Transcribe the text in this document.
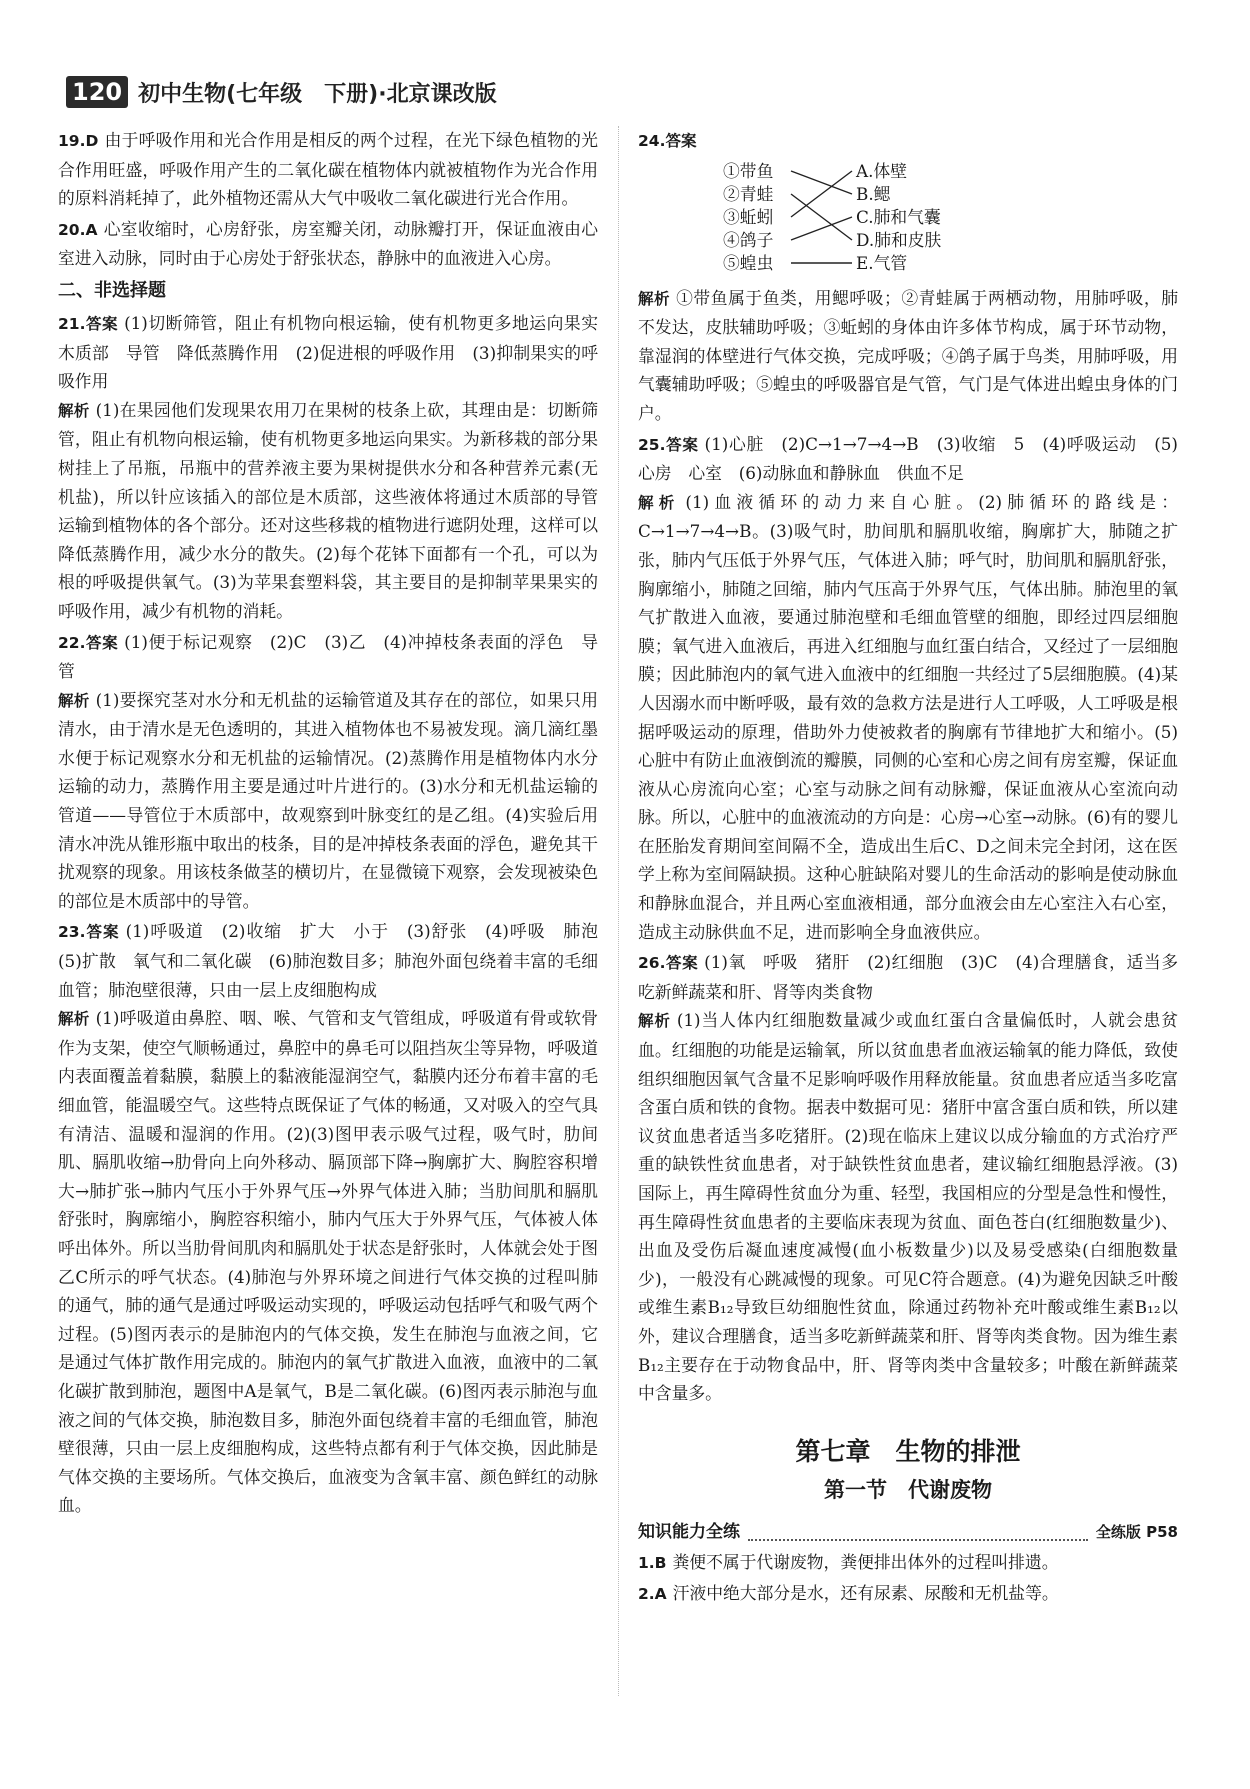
120 初中生物(七年级　下册)·北京课改版
19.D 由于呼吸作用和光合作用是相反的两个过程，在光下绿色植物的光合作用旺盛，呼吸作用产生的二氧化碳在植物体内就被植物作为光合作用的原料消耗掉了，此外植物还需从大气中吸收二氧化碳进行光合作用。
20.A 心室收缩时，心房舒张，房室瓣关闭，动脉瓣打开，保证血液由心室进入动脉，同时由于心房处于舒张状态，静脉中的血液进入心房。
二、非选择题
21.答案 (1)切断筛管，阻止有机物向根运输，使有机物更多地运向果实　木质部　导管　降低蒸腾作用　(2)促进根的呼吸作用　(3)抑制果实的呼吸作用
解析 (1)在果园他们发现果农用刀在果树的枝条上砍，其理由是：切断筛管，阻止有机物向根运输，使有机物更多地运向果实。为新移栽的部分果树挂上了吊瓶，吊瓶中的营养液主要为果树提供水分和各种营养元素(无机盐)，所以针应该插入的部位是木质部，这些液体将通过木质部的导管运输到植物体的各个部分。还对这些移栽的植物进行遮阴处理，这样可以降低蒸腾作用，减少水分的散失。(2)每个花钵下面都有一个孔，可以为根的呼吸提供氧气。(3)为苹果套塑料袋，其主要目的是抑制苹果果实的呼吸作用，减少有机物的消耗。
22.答案 (1)便于标记观察　(2)C　(3)乙　(4)冲掉枝条表面的浮色　导管
解析 (1)要探究茎对水分和无机盐的运输管道及其存在的部位，如果只用清水，由于清水是无色透明的，其进入植物体也不易被发现。滴几滴红墨水便于标记观察水分和无机盐的运输情况。(2)蒸腾作用是植物体内水分运输的动力，蒸腾作用主要是通过叶片进行的。(3)水分和无机盐运输的管道——导管位于木质部中，故观察到叶脉变红的是乙组。(4)实验后用清水冲洗从锥形瓶中取出的枝条，目的是冲掉枝条表面的浮色，避免其干扰观察的现象。用该枝条做茎的横切片，在显微镜下观察，会发现被染色的部位是木质部中的导管。
23.答案 (1)呼吸道　(2)收缩　扩大　小于　(3)舒张　(4)呼吸　肺泡　(5)扩散　氧气和二氧化碳　(6)肺泡数目多；肺泡外面包绕着丰富的毛细血管；肺泡壁很薄，只由一层上皮细胞构成
解析 (1)呼吸道由鼻腔、咽、喉、气管和支气管组成，呼吸道有骨或软骨作为支架，使空气顺畅通过，鼻腔中的鼻毛可以阻挡灰尘等异物，呼吸道内表面覆盖着黏膜，黏膜上的黏液能湿润空气，黏膜内还分布着丰富的毛细血管，能温暖空气。这些特点既保证了气体的畅通，又对吸入的空气具有清洁、温暖和湿润的作用。(2)(3)图甲表示吸气过程，吸气时，肋间肌、膈肌收缩→肋骨向上向外移动、膈顶部下降→胸廓扩大、胸腔容积增大→肺扩张→肺内气压小于外界气压→外界气体进入肺；当肋间肌和膈肌舒张时，胸廓缩小，胸腔容积缩小，肺内气压大于外界气压，气体被人体呼出体外。所以当肋骨间肌肉和膈肌处于状态是舒张时，人体就会处于图乙C所示的呼气状态。(4)肺泡与外界环境之间进行气体交换的过程叫肺的通气，肺的通气是通过呼吸运动实现的，呼吸运动包括呼气和吸气两个过程。(5)图丙表示的是肺泡内的气体交换，发生在肺泡与血液之间，它是通过气体扩散作用完成的。肺泡内的氧气扩散进入血液，血液中的二氧化碳扩散到肺泡，题图中A是氧气，B是二氧化碳。(6)图丙表示肺泡与血液之间的气体交换，肺泡数目多，肺泡外面包绕着丰富的毛细血管，肺泡壁很薄，只由一层上皮细胞构成，这些特点都有利于气体交换，因此肺是气体交换的主要场所。气体交换后，血液变为含氧丰富、颜色鲜红的动脉血。
24.答案
①带鱼
②青蛙
③蚯蚓
④鸽子
⑤蝗虫
A.体壁
B.鳃
C.肺和气囊
D.肺和皮肤
E.气管
解析 ①带鱼属于鱼类，用鳃呼吸；②青蛙属于两栖动物，用肺呼吸，肺不发达，皮肤辅助呼吸；③蚯蚓的身体由许多体节构成，属于环节动物，靠湿润的体壁进行气体交换，完成呼吸；④鸽子属于鸟类，用肺呼吸，用气囊辅助呼吸；⑤蝗虫的呼吸器官是气管，气门是气体进出蝗虫身体的门户。
25.答案 (1)心脏　(2)C→1→7→4→B　(3)收缩　5　(4)呼吸运动　(5)心房　心室　(6)动脉血和静脉血　供血不足
解析 (1)血液循环的动力来自心脏。(2)肺循环的路线是：C→1→7→4→B。(3)吸气时，肋间肌和膈肌收缩，胸廓扩大，肺随之扩张，肺内气压低于外界气压，气体进入肺；呼气时，肋间肌和膈肌舒张，胸廓缩小，肺随之回缩，肺内气压高于外界气压，气体出肺。肺泡里的氧气扩散进入血液，要通过肺泡壁和毛细血管壁的细胞，即经过四层细胞膜；氧气进入血液后，再进入红细胞与血红蛋白结合，又经过了一层细胞膜；因此肺泡内的氧气进入血液中的红细胞一共经过了5层细胞膜。(4)某人因溺水而中断呼吸，最有效的急救方法是进行人工呼吸，人工呼吸是根据呼吸运动的原理，借助外力使被救者的胸廓有节律地扩大和缩小。(5)心脏中有防止血液倒流的瓣膜，同侧的心室和心房之间有房室瓣，保证血液从心房流向心室；心室与动脉之间有动脉瓣，保证血液从心室流向动脉。所以，心脏中的血液流动的方向是：心房→心室→动脉。(6)有的婴儿在胚胎发育期间室间隔不全，造成出生后C、D之间未完全封闭，这在医学上称为室间隔缺损。这种心脏缺陷对婴儿的生命活动的影响是使动脉血和静脉血混合，并且两心室血液相通，部分血液会由左心室注入右心室，造成主动脉供血不足，进而影响全身血液供应。
26.答案 (1)氧　呼吸　猪肝　(2)红细胞　(3)C　(4)合理膳食，适当多吃新鲜蔬菜和肝、肾等肉类食物
解析 (1)当人体内红细胞数量减少或血红蛋白含量偏低时，人就会患贫血。红细胞的功能是运输氧，所以贫血患者血液运输氧的能力降低，致使组织细胞因氧气含量不足影响呼吸作用释放能量。贫血患者应适当多吃富含蛋白质和铁的食物。据表中数据可见：猪肝中富含蛋白质和铁，所以建议贫血患者适当多吃猪肝。(2)现在临床上建议以成分输血的方式治疗严重的缺铁性贫血患者，对于缺铁性贫血患者，建议输红细胞悬浮液。(3)国际上，再生障碍性贫血分为重、轻型，我国相应的分型是急性和慢性，再生障碍性贫血患者的主要临床表现为贫血、面色苍白(红细胞数量少)、出血及受伤后凝血速度减慢(血小板数量少)以及易受感染(白细胞数量少)，一般没有心跳减慢的现象。可见C符合题意。(4)为避免因缺乏叶酸或维生素B₁₂导致巨幼细胞性贫血，除通过药物补充叶酸或维生素B₁₂以外，建议合理膳食，适当多吃新鲜蔬菜和肝、肾等肉类食物。因为维生素B₁₂主要存在于动物食品中，肝、肾等肉类中含量较多；叶酸在新鲜蔬菜中含量多。
第七章　生物的排泄
第一节　代谢废物
知识能力全练	全练版 P58
1.B 粪便不属于代谢废物，粪便排出体外的过程叫排遗。
2.A 汗液中绝大部分是水，还有尿素、尿酸和无机盐等。
